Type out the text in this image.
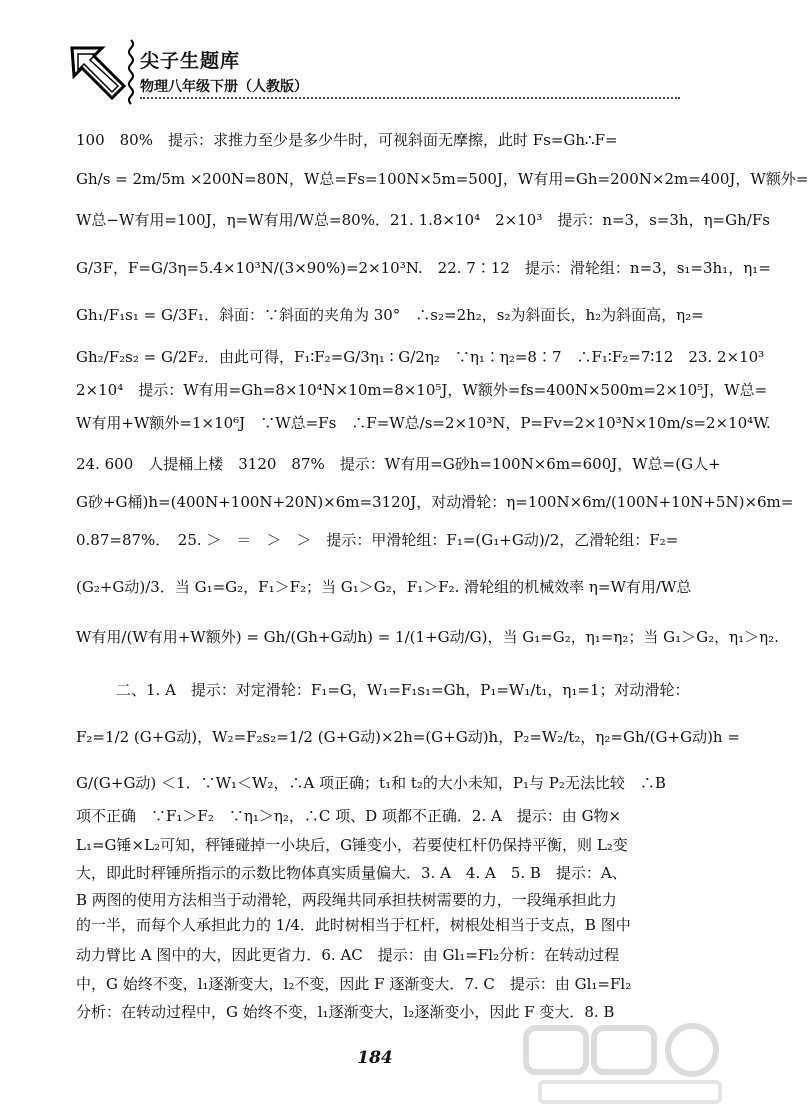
尖子生题库
物理八年级下册（人教版）
100　80%　提示：求推力至少是多少牛时，可视斜面无摩擦，此时 Fs=Gh∴F=
Gh/s = 2m/5m ×200N=80N，W总=Fs=100N×5m=500J，W有用=Gh=200N×2m=400J，W额外=
W总−W有用=100J，η=W有用/W总=80%．21. 1.8×10⁴　2×10³　提示：n=3，s=3h，η=Gh/Fs
G/3F，F=G/3η=5.4×10³N/(3×90%)=2×10³N.　22. 7∶12　提示：滑轮组：n=3，s₁=3h₁，η₁=
Gh₁/F₁s₁ = G/3F₁．斜面：∵斜面的夹角为 30°　∴s₂=2h₂，s₂为斜面长，h₂为斜面高，η₂=
Gh₂/F₂s₂ = G/2F₂．由此可得，F₁∶F₂=G/3η₁ ∶ G/2η₂　∵η₁∶η₂=8∶7　∴F₁∶F₂=7∶12　23. 2×10³
2×10⁴　提示：W有用=Gh=8×10⁴N×10m=8×10⁵J，W额外=fs=400N×500m=2×10⁵J，W总=
W有用+W额外=1×10⁶J　∵W总=Fs　∴F=W总/s=2×10³N，P=Fv=2×10³N×10m/s=2×10⁴W.
24. 600　人提桶上楼　3120　87%　提示：W有用=G砂h=100N×6m=600J，W总=(G人+
G砂+G桶)h=(400N+100N+20N)×6m=3120J，对动滑轮：η=100N×6m/(100N+10N+5N)×6m=
0.87=87%．　25. ＞　＝　＞　＞　提示：甲滑轮组：F₁=(G₁+G动)/2，乙滑轮组：F₂=
(G₂+G动)/3．当 G₁=G₂，F₁＞F₂；当 G₁＞G₂，F₁＞F₂. 滑轮组的机械效率 η=W有用/W总
W有用/(W有用+W额外) = Gh/(Gh+G动h) = 1/(1+G动/G)，当 G₁=G₂，η₁=η₂；当 G₁＞G₂，η₁＞η₂.
二、1. A　提示：对定滑轮：F₁=G，W₁=F₁s₁=Gh，P₁=W₁/t₁，η₁=1；对动滑轮：
F₂=1/2 (G+G动)，W₂=F₂s₂=1/2 (G+G动)×2h=(G+G动)h，P₂=W₂/t₂，η₂=Gh/(G+G动)h =
G/(G+G动) ＜1．∵W₁＜W₂，∴A 项正确；t₁和 t₂的大小未知，P₁与 P₂无法比较　∴B
项不正确　∵F₁＞F₂　∵η₁＞η₂，∴C 项、D 项都不正确．2. A　提示：由 G物×
L₁=G锤×L₂可知，秤锤碰掉一小块后，G锤变小，若要使杠杆仍保持平衡，则 L₂变
大，即此时秤锤所指示的示数比物体真实质量偏大．3. A　4. A　5. B　提示：A、
B 两图的使用方法相当于动滑轮，两段绳共同承担扶树需要的力，一段绳承担此力
的一半，而每个人承担此力的 1/4．此时树相当于杠杆，树根处相当于支点，B 图中
动力臂比 A 图中的大，因此更省力．6. AC　提示：由 Gl₁=Fl₂分析：在转动过程
中，G 始终不变，l₁逐渐变大，l₂不变，因此 F 逐渐变大．7. C　提示：由 Gl₁=Fl₂
分析：在转动过程中，G 始终不变，l₁逐渐变大，l₂逐渐变小，因此 F 变大．8. B
184
